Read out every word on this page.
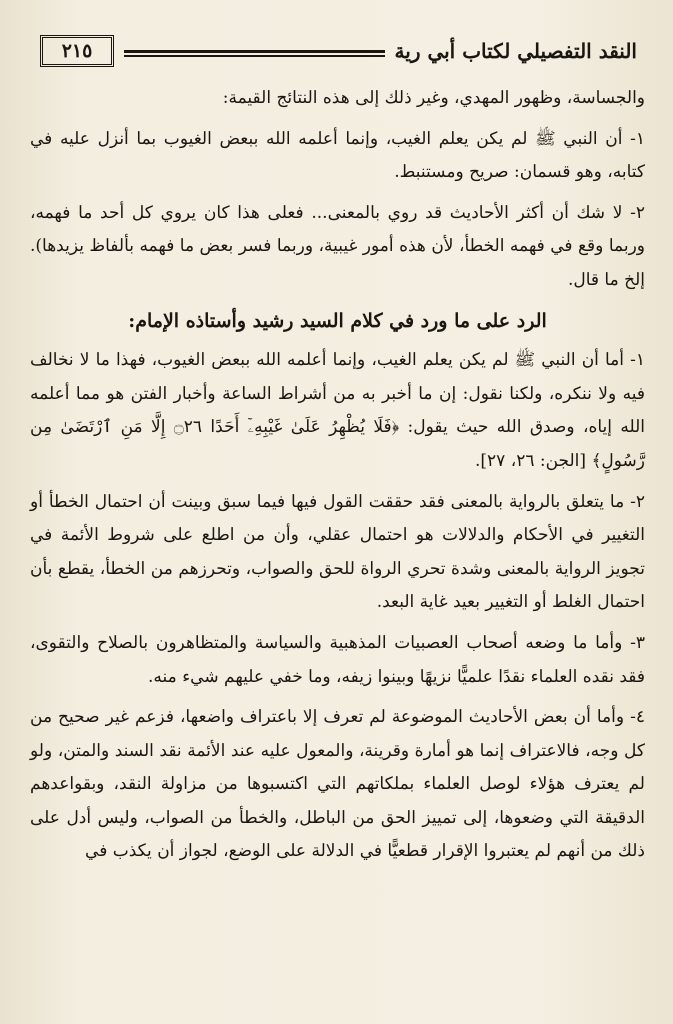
النقد التفصيلي لكتاب أبي رية
٢١٥

والجساسة، وظهور المهدي، وغير ذلك إلى هذه النتائج القيمة:

١- أن النبي ﷺ لم يكن يعلم الغيب، وإنما أعلمه الله ببعض الغيوب بما أنزل عليه في كتابه، وهو قسمان: صريح ومستنبط.

٢- لا شك أن أكثر الأحاديث قد روي بالمعنى... فعلى هذا كان يروي كل أحد ما فهمه، وربما وقع في فهمه الخطأ، لأن هذه أمور غيبية، وربما فسر بعض ما فهمه بألفاظ يزيدها). إلخ ما قال.

الرد على ما ورد في كلام السيد رشيد وأستاذه الإمام:

١- أما أن النبي ﷺ لم يكن يعلم الغيب، وإنما أعلمه الله ببعض الغيوب، فهذا ما لا نخالف فيه ولا ننكره، ولكنا نقول: إن ما أخبر به من أشراط الساعة وأخبار الفتن هو مما أعلمه الله إياه، وصدق الله حيث يقول: ﴿فَلَا يُظْهِرُ عَلَىٰ غَيْبِهِۦٓ أَحَدًا ۝٢٦ إِلَّا مَنِ ٱرْتَضَىٰ مِن رَّسُولٍ﴾ [الجن: ٢٦، ٢٧].

٢- ما يتعلق بالرواية بالمعنى فقد حققت القول فيها فيما سبق وبينت أن احتمال الخطأ أو التغيير في الأحكام والدلالات هو احتمال عقلي، وأن من اطلع على شروط الأئمة في تجويز الرواية بالمعنى وشدة تحري الرواة للحق والصواب، وتحرزهم من الخطأ، يقطع بأن احتمال الغلط أو التغيير بعيد غاية البعد.

٣- وأما ما وضعه أصحاب العصبيات المذهبية والسياسة والمتظاهرون بالصلاح والتقوى، فقد نقده العلماء نقدًا علميًّا نزيهًا وبينوا زيفه، وما خفي عليهم شيء منه.

٤- وأما أن بعض الأحاديث الموضوعة لم تعرف إلا باعتراف واضعها، فزعم غير صحيح من كل وجه، فالاعتراف إنما هو أمارة وقرينة، والمعول عليه عند الأئمة نقد السند والمتن، ولو لم يعترف هؤلاء لوصل العلماء بملكاتهم التي اكتسبوها من مزاولة النقد، وبقواعدهم الدقيقة التي وضعوها، إلى تمييز الحق من الباطل، والخطأ من الصواب، وليس أدل على ذلك من أنهم لم يعتبروا الإقرار قطعيًّا في الدلالة على الوضع، لجواز أن يكذب في
